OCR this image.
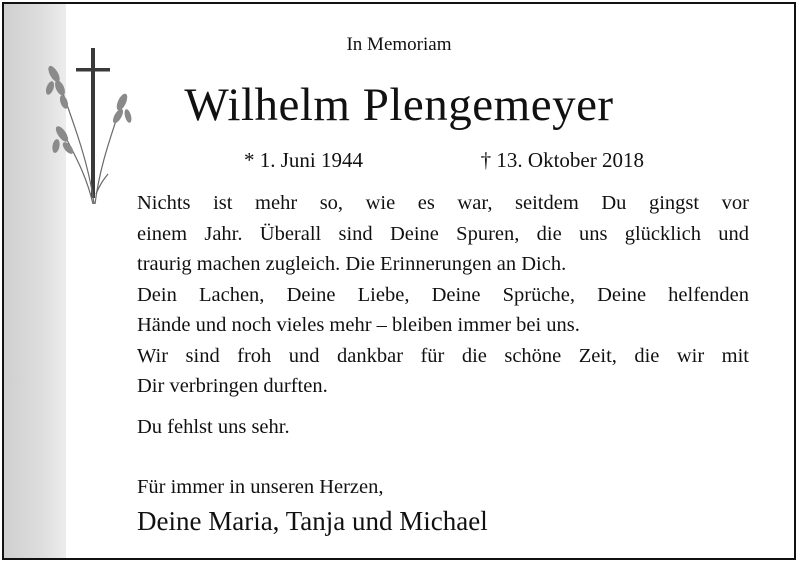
In Memoriam
Wilhelm Plengemeyer
* 1. Juni 1944	† 13. Oktober 2018
Nichts ist mehr so, wie es war, seitdem Du gingst vor
einem Jahr. Überall sind Deine Spuren, die uns glücklich und
traurig machen zugleich. Die Erinnerungen an Dich.
Dein Lachen, Deine Liebe, Deine Sprüche, Deine helfenden
Hände und noch vieles mehr – bleiben immer bei uns.
Wir sind froh und dankbar für die schöne Zeit, die wir mit
Dir verbringen durften.
Du fehlst uns sehr.
Für immer in unseren Herzen,
Deine Maria, Tanja und Michael
